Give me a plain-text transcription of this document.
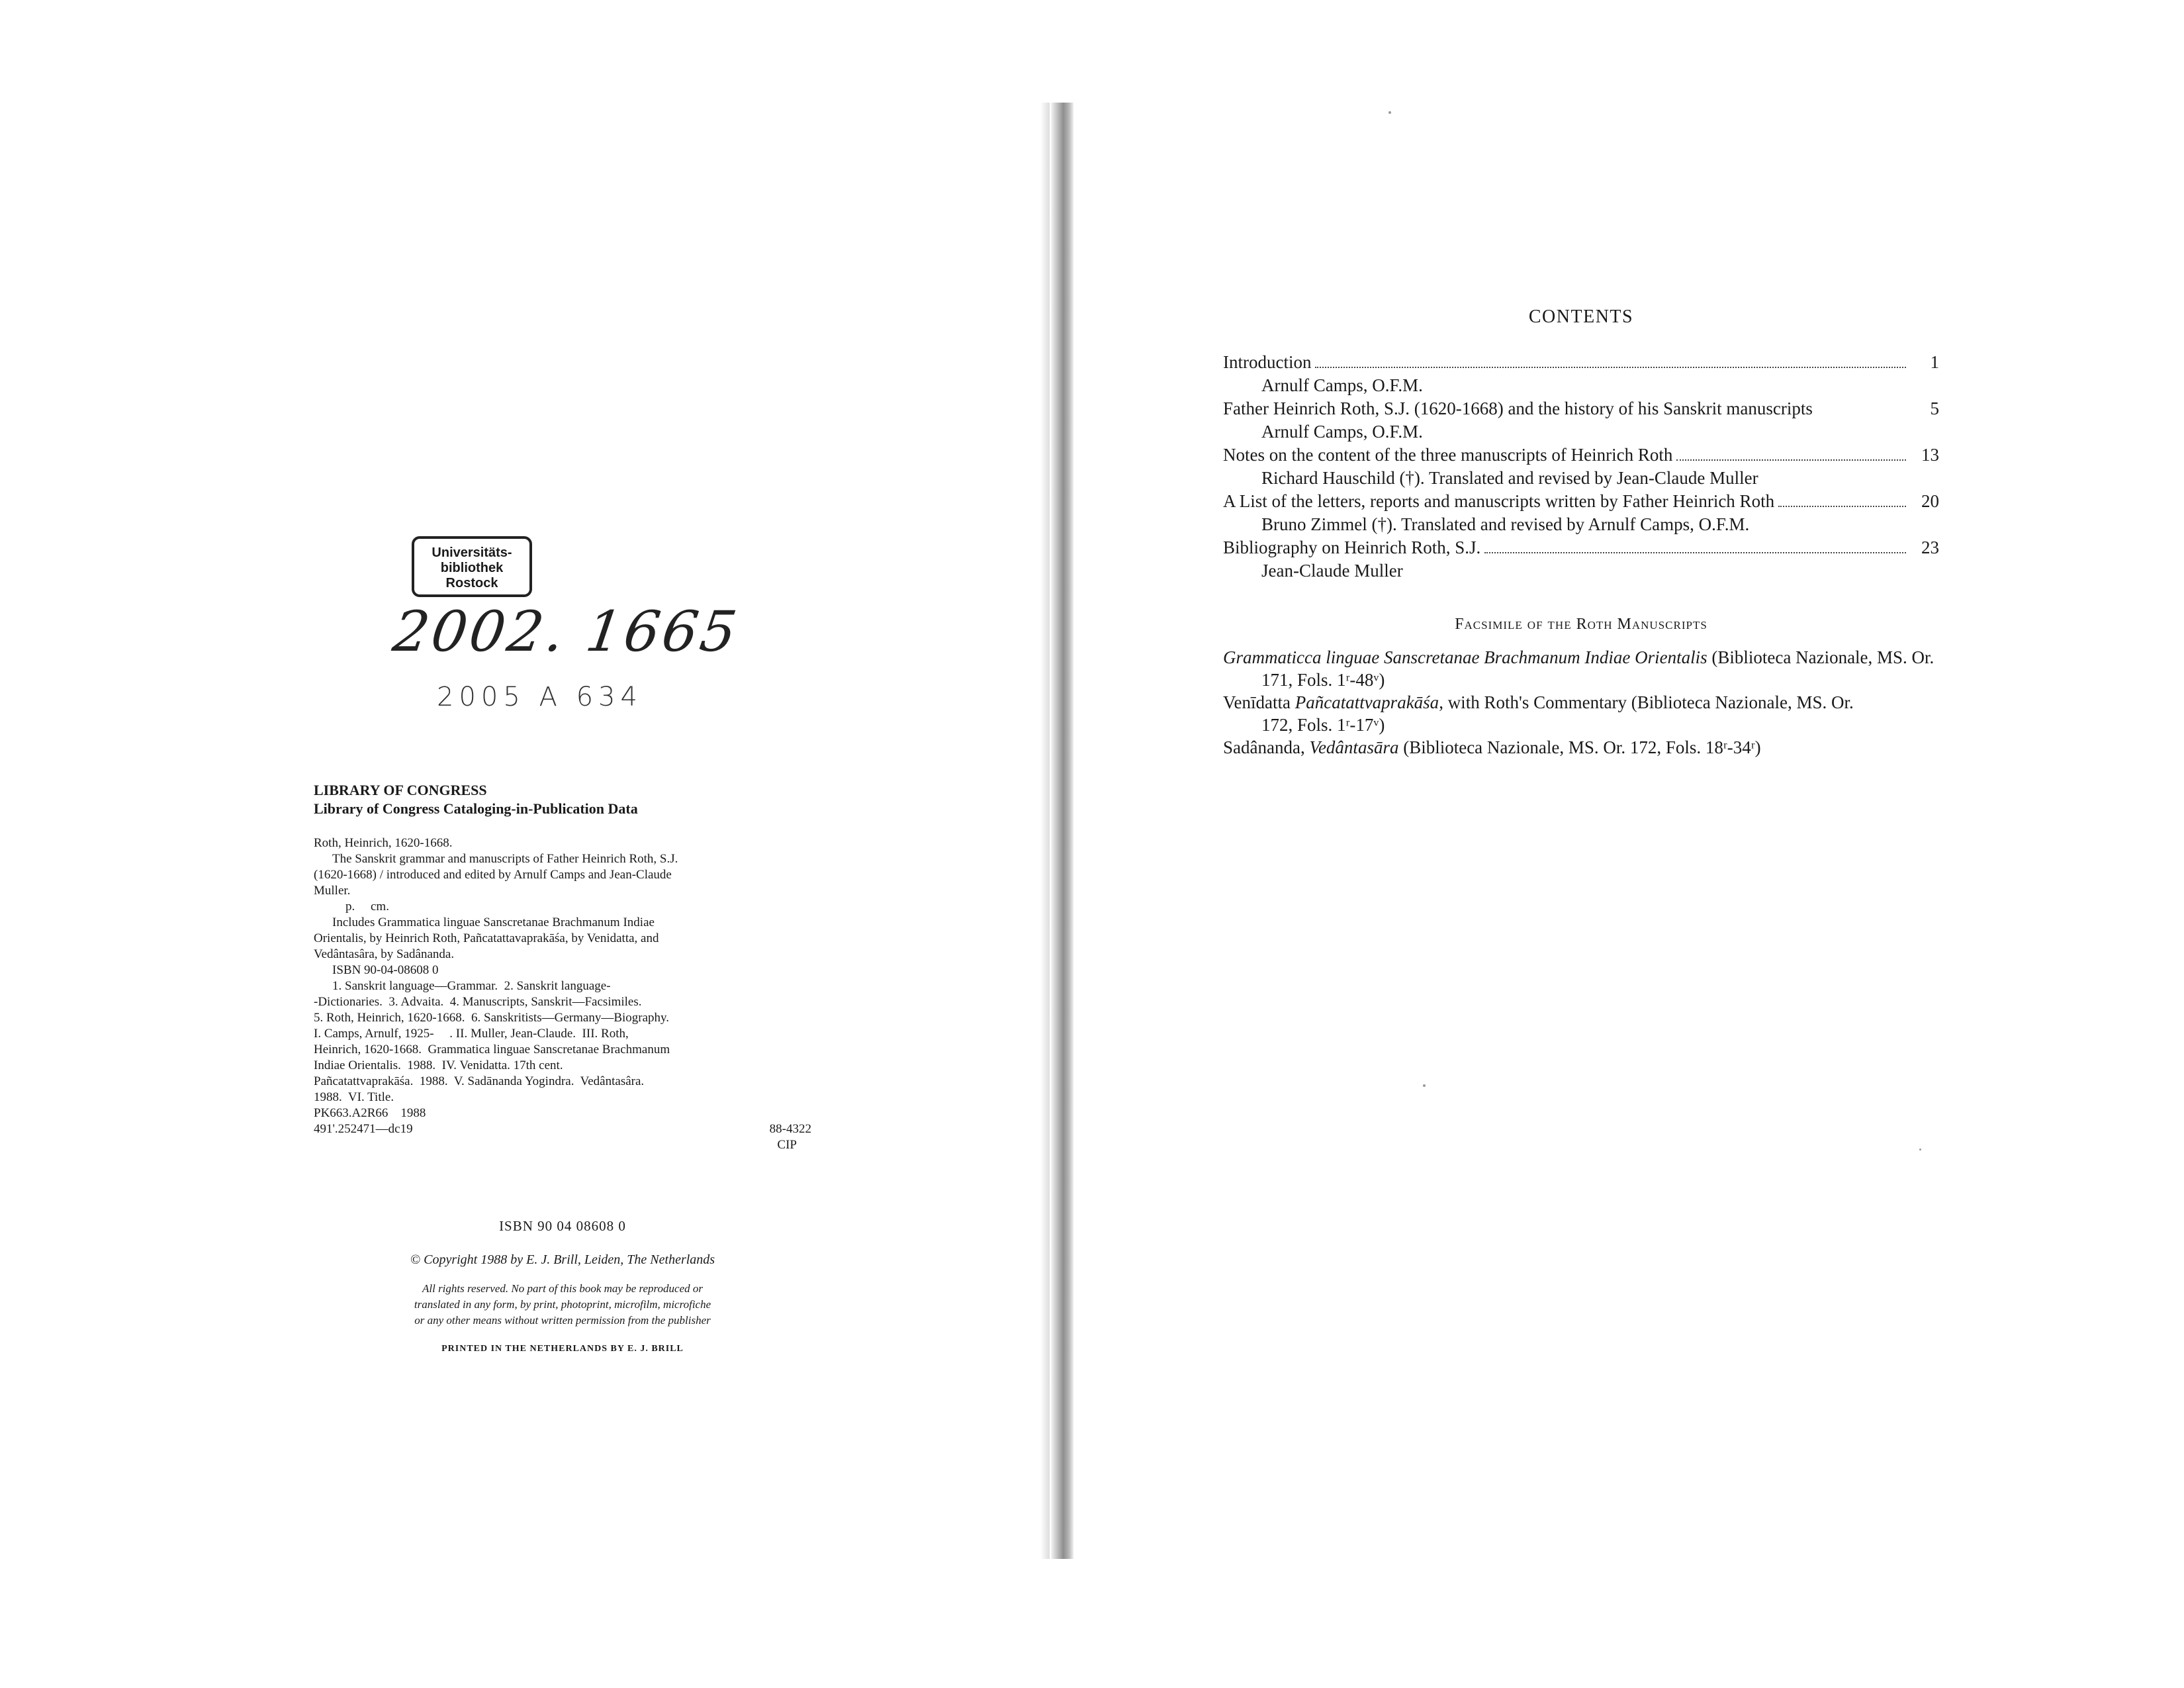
Universitäts-
bibliothek
Rostock
2002. 1665
2005 A 634
LIBRARY OF CONGRESS
Library of Congress Cataloging-in-Publication Data
Roth, Heinrich, 1620-1668.
The Sanskrit grammar and manuscripts of Father Heinrich Roth, S.J.
(1620-1668) / introduced and edited by Arnulf Camps and Jean-Claude
Muller.
p.     cm.
Includes Grammatica linguae Sanscretanae Brachmanum Indiae
Orientalis, by Heinrich Roth, Pañcatattavaprakāśa, by Venidatta, and
Vedântasâra, by Sadânanda.
ISBN 90-04-08608 0
1. Sanskrit language—Grammar.  2. Sanskrit language-
-Dictionaries.  3. Advaita.  4. Manuscripts, Sanskrit—Facsimiles.
5. Roth, Heinrich, 1620-1668.  6. Sanskritists—Germany—Biography.
I. Camps, Arnulf, 1925-     . II. Muller, Jean-Claude.  III. Roth,
Heinrich, 1620-1668.  Grammatica linguae Sanscretanae Brachmanum
Indiae Orientalis.  1988.  IV. Venidatta. 17th cent.
Pañcatattvaprakāśa.  1988.  V. Sadānanda Yogindra.  Vedântasâra.
1988.  VI. Title.
PK663.A2R66    1988
491'.252471—dc19	88-4322
CIP
ISBN 90 04 08608 0
© Copyright 1988 by E. J. Brill, Leiden, The Netherlands
All rights reserved. No part of this book may be reproduced or
translated in any form, by print, photoprint, microfilm, microfiche
or any other means without written permission from the publisher
PRINTED IN THE NETHERLANDS BY E. J. BRILL
CONTENTS
Introduction	1
Arnulf Camps, O.F.M.
Father Heinrich Roth, S.J. (1620-1668) and the history of his Sanskrit manuscripts	5
Arnulf Camps, O.F.M.
Notes on the content of the three manuscripts of Heinrich Roth	13
Richard Hauschild (†). Translated and revised by Jean-Claude Muller
A List of the letters, reports and manuscripts written by Father Heinrich Roth	20
Bruno Zimmel (†). Translated and revised by Arnulf Camps, O.F.M.
Bibliography on Heinrich Roth, S.J.	23
Jean-Claude Muller
Facsimile of the Roth Manuscripts
Grammaticca linguae Sanscretanae Brachmanum Indiae Orientalis (Biblioteca Nazionale, MS. Or.
171, Fols. 1ʳ-48ᵛ)
Venīdatta Pañcatattvaprakāśa, with Roth's Commentary (Biblioteca Nazionale, MS. Or.
172, Fols. 1ʳ-17ᵛ)
Sadânanda, Vedântasāra (Biblioteca Nazionale, MS. Or. 172, Fols. 18ʳ-34ʳ)
